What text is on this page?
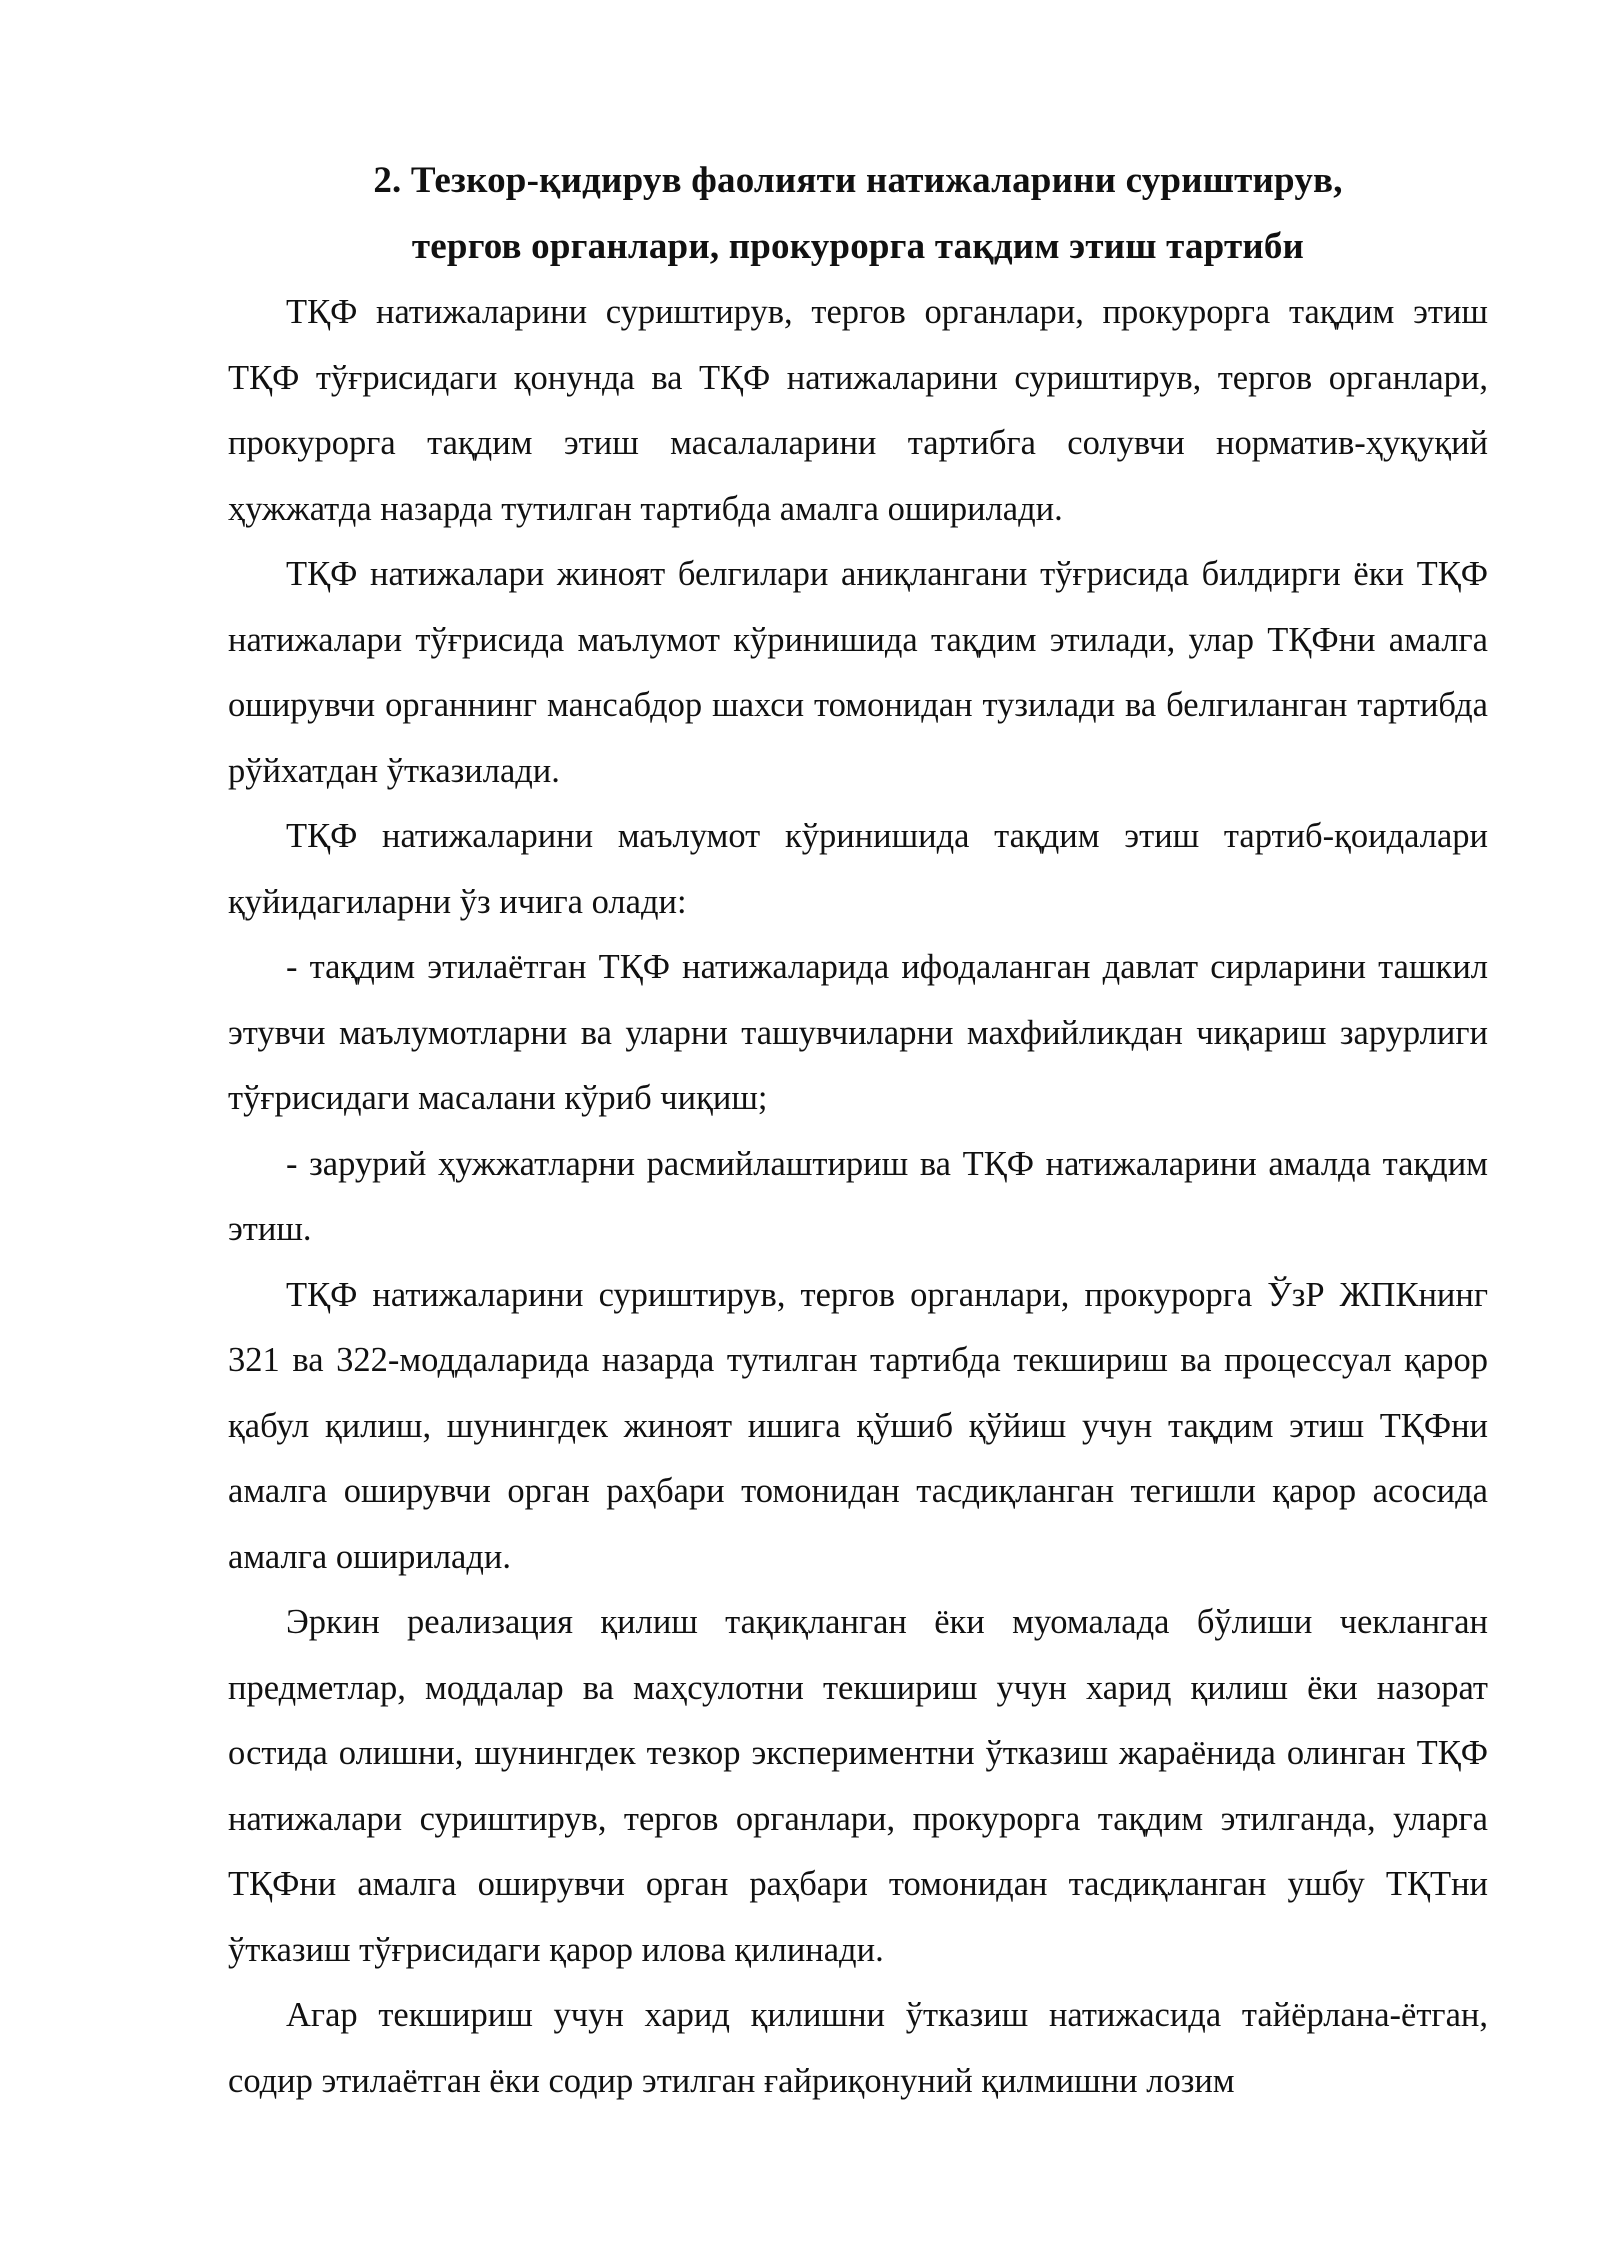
2. Тезкор-қидирув фаолияти натижаларини суриштирув,
тергов органлари, прокурорга тақдим этиш тартиби

ТҚФ натижаларини суриштирув, тергов органлари, прокурорга тақдим этиш ТҚФ тўғрисидаги қонунда ва ТҚФ натижаларини суриштирув, тергов органлари, прокурорга тақдим этиш масалаларини тартибга солувчи норматив-ҳуқуқий ҳужжатда назарда тутилган тартибда амалга оширилади.

ТҚФ натижалари жиноят белгилари аниқлангани тўғрисида билдирги ёки ТҚФ натижалари тўғрисида маълумот кўринишида тақдим этилади, улар ТҚФни амалга оширувчи органнинг мансабдор шахси томонидан тузилади ва белгиланган тартибда рўйхатдан ўтказилади.

ТҚФ натижаларини маълумот кўринишида тақдим этиш тартиб-қоидалари қуйидагиларни ўз ичига олади:

- тақдим этилаётган ТҚФ натижаларида ифодаланган давлат сирларини ташкил этувчи маълумотларни ва уларни ташувчиларни махфийликдан чиқариш зарурлиги тўғрисидаги масалани кўриб чиқиш;

- зарурий ҳужжатларни расмийлаштириш ва ТҚФ натижаларини амалда тақдим этиш.

ТҚФ натижаларини суриштирув, тергов органлари, прокурорга ЎзР ЖПКнинг 321 ва 322-моддаларида назарда тутилган тартибда текшириш ва процессуал қарор қабул қилиш, шунингдек жиноят ишига қўшиб қўйиш учун тақдим этиш ТҚФни амалга оширувчи орган раҳбари томонидан тасдиқланган тегишли қарор асосида амалга оширилади.

Эркин реализация қилиш тақиқланган ёки муомалада бўлиши чекланган предметлар, моддалар ва маҳсулотни текшириш учун харид қилиш ёки назорат остида олишни, шунингдек тезкор экспериментни ўтказиш жараёнида олинган ТҚФ натижалари суриштирув, тергов органлари, прокурорга тақдим этилганда, уларга ТҚФни амалга оширувчи орган раҳбари томонидан тасдиқланган ушбу ТҚТни ўтказиш тўғрисидаги қарор илова қилинади.

Агар текшириш учун харид қилишни ўтказиш натижасида тайёрлана-ётган, содир этилаётган ёки содир этилган ғайриқонуний қилмишни лозим
